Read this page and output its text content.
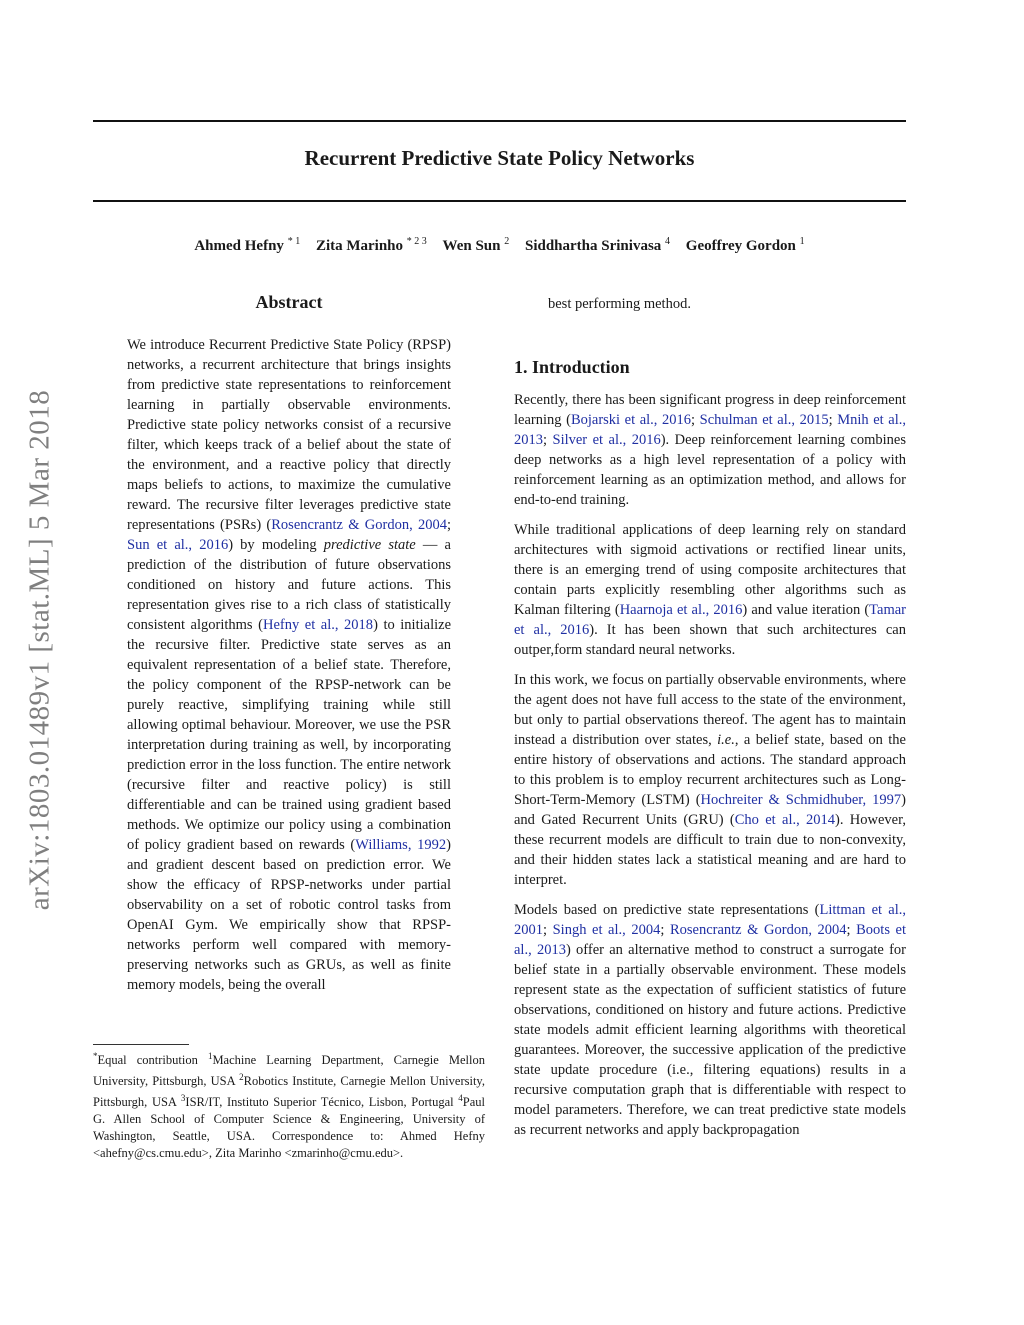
Recurrent Predictive State Policy Networks
Ahmed Hefny $^{* 1}$ Zita Marinho $^{* 2 3}$ Wen Sun $^2$ Siddhartha Srinivasa $^4$ Geoffrey Gordon $^1$
arXiv:1803.01489v1 [stat.ML] 5 Mar 2018
Abstract
We introduce Recurrent Predictive State Policy (RPSP) networks, a recurrent architecture that brings insights from predictive state representations to reinforcement learning in partially observable environments. Predictive state policy networks consist of a recursive filter, which keeps track of a belief about the state of the environment, and a reactive policy that directly maps beliefs to actions, to maximize the cumulative reward. The recursive filter leverages predictive state representations (PSRs) (Rosencrantz & Gordon, 2004; Sun et al., 2016) by modeling predictive state — a prediction of the distribution of future observations conditioned on history and future actions. This representation gives rise to a rich class of statistically consistent algorithms (Hefny et al., 2018) to initialize the recursive filter. Predictive state serves as an equivalent representation of a belief state. Therefore, the policy component of the RPSP-network can be purely reactive, simplifying training while still allowing optimal behaviour. Moreover, we use the PSR interpretation during training as well, by incorporating prediction error in the loss function. The entire network (recursive filter and reactive policy) is still differentiable and can be trained using gradient based methods. We optimize our policy using a combination of policy gradient based on rewards (Williams, 1992) and gradient descent based on prediction error. We show the efficacy of RPSP-networks under partial observability on a set of robotic control tasks from OpenAI Gym. We empirically show that RPSP-networks perform well compared with memory-preserving networks such as GRUs, as well as finite memory models, being the overall
*Equal contribution $^1$Machine Learning Department, Carnegie Mellon University, Pittsburgh, USA $^2$Robotics Institute, Carnegie Mellon University, Pittsburgh, USA $^3$ISR/IT, Instituto Superior Técnico, Lisbon, Portugal $^4$Paul G. Allen School of Computer Science & Engineering, University of Washington, Seattle, USA. Correspondence to: Ahmed Hefny <ahefny@cs.cmu.edu>, Zita Marinho <zmarinho@cmu.edu>.
best performing method.
1. Introduction

Recently, there has been significant progress in deep reinforcement learning (Bojarski et al., 2016; Schulman et al., 2015; Mnih et al., 2013; Silver et al., 2016). Deep reinforcement learning combines deep networks as a high level representation of a policy with reinforcement learning as an optimization method, and allows for end-to-end training.

While traditional applications of deep learning rely on standard architectures with sigmoid activations or rectified linear units, there is an emerging trend of using composite architectures that contain parts explicitly resembling other algorithms such as Kalman filtering (Haarnoja et al., 2016) and value iteration (Tamar et al., 2016). It has been shown that such architectures can outper,form standard neural networks.

In this work, we focus on partially observable environments, where the agent does not have full access to the state of the environment, but only to partial observations thereof. The agent has to maintain instead a distribution over states, i.e., a belief state, based on the entire history of observations and actions. The standard approach to this problem is to employ recurrent architectures such as Long-Short-Term-Memory (LSTM) (Hochreiter & Schmidhuber, 1997) and Gated Recurrent Units (GRU) (Cho et al., 2014). However, these recurrent models are difficult to train due to non-convexity, and their hidden states lack a statistical meaning and are hard to interpret.

Models based on predictive state representations (Littman et al., 2001; Singh et al., 2004; Rosencrantz & Gordon, 2004; Boots et al., 2013) offer an alternative method to construct a surrogate for belief state in a partially observable environment. These models represent state as the expectation of sufficient statistics of future observations, conditioned on history and future actions. Predictive state models admit efficient learning algorithms with theoretical guarantees. Moreover, the successive application of the predictive state update procedure (i.e., filtering equations) results in a recursive computation graph that is differentiable with respect to model parameters. Therefore, we can treat predictive state models as recurrent networks and apply backpropagation
